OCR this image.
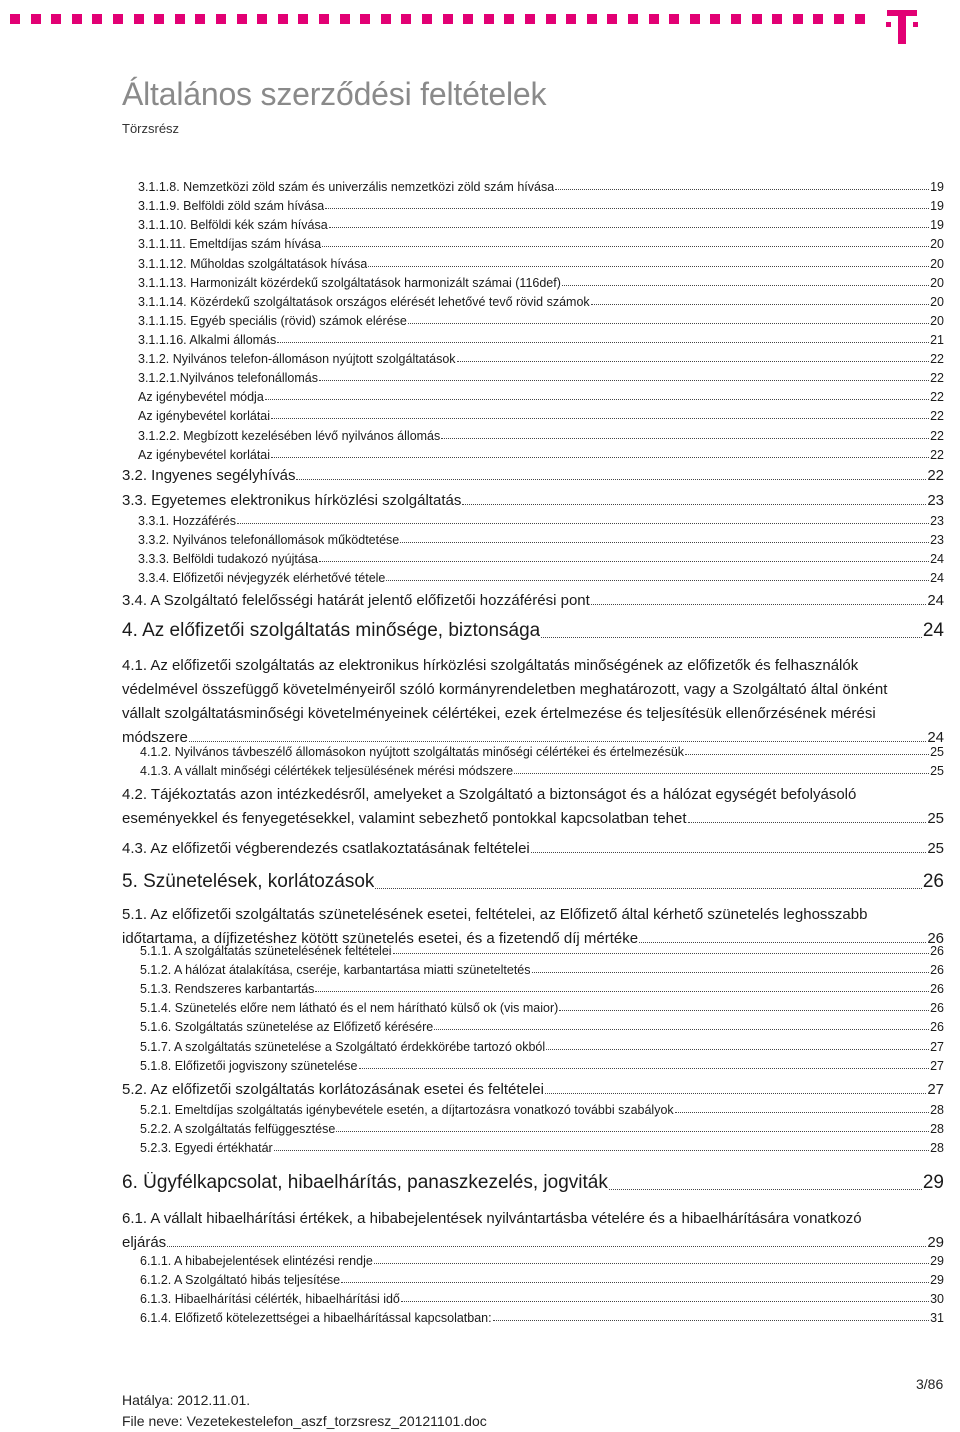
Általános szerződési feltételek
Törzsrész
3.1.1.8. Nemzetközi zöld szám és univerzális nemzetközi zöld szám hívása	19
3.1.1.9. Belföldi zöld szám hívása	19
3.1.1.10. Belföldi kék szám hívása	19
3.1.1.11. Emeltdíjas szám hívása	20
3.1.1.12. Műholdas szolgáltatások hívása	20
3.1.1.13. Harmonizált közérdekű szolgáltatások harmonizált számai (116def)	20
3.1.1.14. Közérdekű szolgáltatások országos elérését lehetővé tevő rövid számok	20
3.1.1.15. Egyéb speciális (rövid) számok elérése	20
3.1.1.16. Alkalmi állomás	21
3.1.2. Nyilvános telefon-állomáson nyújtott szolgáltatások	22
3.1.2.1.Nyilvános telefonállomás	22
Az igénybevétel módja	22
Az igénybevétel korlátai	22
3.1.2.2. Megbízott kezelésében lévő nyilvános állomás	22
Az igénybevétel korlátai	22
3.2. Ingyenes segélyhívás	22
3.3. Egyetemes elektronikus hírközlési szolgáltatás	23
3.3.1. Hozzáférés	23
3.3.2. Nyilvános telefonállomások működtetése	23
3.3.3. Belföldi tudakozó nyújtása	24
3.3.4. Előfizetői névjegyzék elérhetővé tétele	24
3.4. A Szolgáltató felelősségi határát jelentő előfizetői hozzáférési pont	24
4. Az előfizetői szolgáltatás minősége, biztonsága	24
4.1. Az előfizetői szolgáltatás az elektronikus hírközlési szolgáltatás minőségének az előfizetők és felhasználók
védelmével összefüggő követelményeiről szóló kormányrendeletben meghatározott, vagy a Szolgáltató által önként
vállalt szolgáltatásminőségi követelményeinek célértékei, ezek értelmezése és teljesítésük ellenőrzésének mérési
módszere	24
4.1.2. Nyilvános távbeszélő állomásokon nyújtott szolgáltatás minőségi célértékei és értelmezésük	25
4.1.3. A vállalt minőségi célértékek teljesülésének mérési módszere	25
4.2. Tájékoztatás azon intézkedésről, amelyeket a Szolgáltató a biztonságot és a hálózat egységét befolyásoló
eseményekkel és fenyegetésekkel, valamint sebezhető pontokkal kapcsolatban tehet	25
4.3. Az előfizetői végberendezés csatlakoztatásának feltételei	25
5. Szünetelések, korlátozások	26
5.1. Az előfizetői szolgáltatás szünetelésének esetei, feltételei, az Előfizető által kérhető szünetelés leghosszabb
időtartama, a díjfizetéshez kötött szünetelés esetei, és a fizetendő díj mértéke	26
5.1.1. A szolgáltatás szünetelésének feltételei	26
5.1.2. A hálózat átalakítása, cseréje, karbantartása miatti szüneteltetés	26
5.1.3. Rendszeres karbantartás	26
5.1.4. Szünetelés előre nem látható és el nem hárítható külső ok (vis maior)	26
5.1.6. Szolgáltatás szünetelése az Előfizető kérésére	26
5.1.7. A szolgáltatás szünetelése a Szolgáltató érdekkörébe tartozó okból	27
5.1.8. Előfizetői jogviszony szünetelése	27
5.2. Az előfizetői szolgáltatás korlátozásának esetei és feltételei	27
5.2.1. Emeltdíjas szolgáltatás igénybevétele esetén, a díjtartozásra vonatkozó további szabályok	28
5.2.2. A szolgáltatás felfüggesztése	28
5.2.3. Egyedi értékhatár	28
6. Ügyfélkapcsolat, hibaelhárítás, panaszkezelés, jogviták	29
6.1. A vállalt hibaelhárítási értékek, a hibabejelentések nyilvántartásba vételére és a hibaelhárítására vonatkozó
eljárás	29
6.1.1. A hibabejelentések elintézési rendje	29
6.1.2. A Szolgáltató hibás teljesítése	29
6.1.3. Hibaelhárítási célérték, hibaelhárítási idő	30
6.1.4. Előfizető kötelezettségei a hibaelhárítással kapcsolatban:	31
3/86
Hatálya: 2012.11.01.
File neve: Vezetekestelefon_aszf_torzsresz_20121101.doc
